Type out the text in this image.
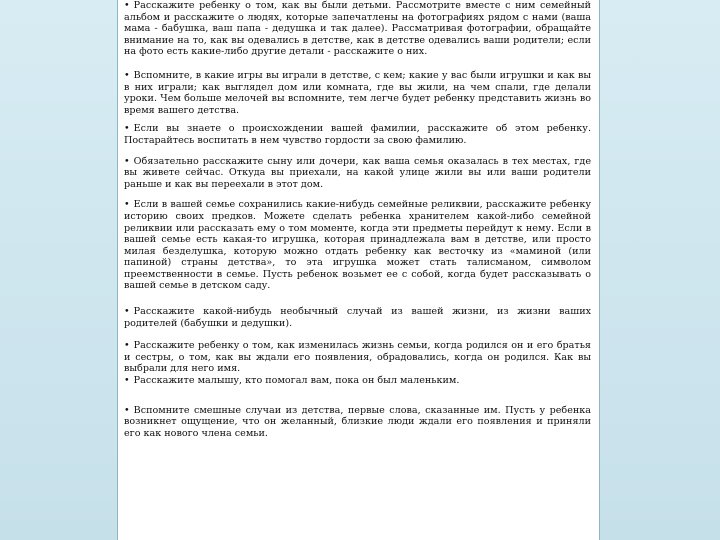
• Расскажите ребенку о том, как вы были детьми. Рассмотрите вместе с ним семейный альбом и расскажите о людях, которые запечатлены на фотографиях рядом с нами (ваша мама - бабушка, ваш папа - дедушка и так далее). Рассматривая фотографии, обращайте внимание на то, как вы одевались в детстве, как в детстве одевались ваши родители; если на фото есть какие-либо другие детали - расскажите о них.

• Вспомните, в какие игры вы играли в детстве, с кем; какие у вас были игрушки и как вы в них играли; как выглядел дом или комната, где вы жили, на чем спали, где делали уроки. Чем больше мелочей вы вспомните, тем легче будет ребенку представить жизнь во время вашего детства.

• Если вы знаете о происхождении вашей фамилии, расскажите об этом ребенку. Постарайтесь воспитать в нем чувство гордости за свою фамилию.

• Обязательно расскажите сыну или дочери, как ваша семья оказалась в тех местах, где вы живете сейчас. Откуда вы приехали, на какой улице жили вы или ваши родители раньше и как вы переехали в этот дом.

• Если в вашей семье сохранились какие-нибудь семейные реликвии, расскажите ребенку историю своих предков. Можете сделать ребенка хранителем какой-либо семейной реликвии или рассказать ему о том моменте, когда эти предметы перейдут к нему. Если в вашей семье есть какая-то игрушка, которая принадлежала вам в детстве, или просто милая безделушка, которую можно отдать ребенку как весточку из «маминой (или папиной) страны детства», то эта игрушка может стать талисманом, символом преемственности в семье. Пусть ребенок возьмет ее с собой, когда будет рассказывать о вашей семье в детском саду.

• Расскажите какой-нибудь необычный случай из вашей жизни, из жизни ваших родителей (бабушки и дедушки).

• Расскажите ребенку о том, как изменилась жизнь семьи, когда родился он и его братья и сестры, о том, как вы ждали его появления, обрадовались, когда он родился. Как вы выбрали для него имя.

• Расскажите малышу, кто помогал вам, пока он был маленьким.

• Вспомните смешные случаи из детства, первые слова, сказанные им. Пусть у ребенка возникнет ощущение, что он желанный, близкие люди ждали его появления и приняли его как нового члена семьи.
